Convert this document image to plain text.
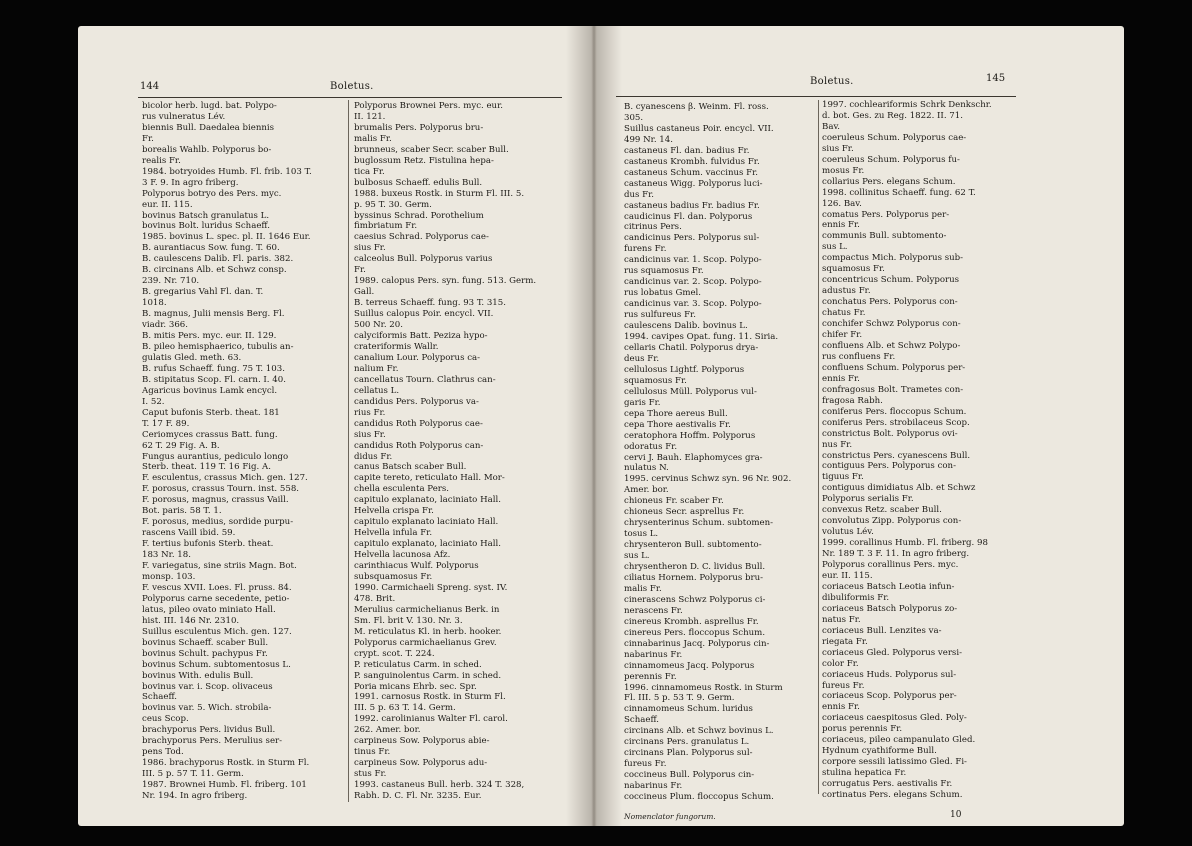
144	Boletus.
bicolor herb. lugd. bat. Polypo-
rus vulneratus Lév.
biennis Bull. Daedalea biennis
Fr.
borealis Wahlb. Polyporus bo-
realis Fr.
1984. botryoides Humb. Fl. frib. 103 T.
3 F. 9. In agro friberg.
Polyporus botryo des Pers. myc.
eur. II. 115.
bovinus Batsch granulatus L.
bovinus Bolt. luridus Schaeff.
1985. bovinus L. spec. pl. II. 1646 Eur.
B. aurantiacus Sow. fung. T. 60.
B. caulescens Dalib. Fl. paris. 382.
B. circinans Alb. et Schwz consp.
239. Nr. 710.
B. gregarius Vahl Fl. dan. T.
1018.
B. magnus, Julii mensis Berg. Fl.
viadr. 366.
B. mitis Pers. myc. eur. II. 129.
B. pileo hemisphaerico, tubulis an-
gulatis Gled. meth. 63.
B. rufus Schaeff. fung. 75 T. 103.
B. stipitatus Scop. Fl. carn. I. 40.
Agaricus bovinus Lamk encycl.
I. 52.
Caput bufonis Sterb. theat. 181
T. 17 F. 89.
Ceriomyces crassus Batt. fung.
62 T. 29 Fig. A. B.
Fungus aurantius, pediculo longo
Sterb. theat. 119 T. 16 Fig. A.
F. esculentus, crassus Mich. gen. 127.
F. porosus, crassus Tourn. inst. 558.
F. porosus, magnus, crassus Vaill.
Bot. paris. 58 T. 1.
F. porosus, medius, sordide purpu-
rascens Vaill ibid. 59.
F. tertius bufonis Sterb. theat.
183 Nr. 18.
F. variegatus, sine striis Magn. Bot.
monsp. 103.
F. vescus XVII. Loes. Fl. pruss. 84.
Polyporus carne secedente, petio-
latus, pileo ovato miniato Hall.
hist. III. 146 Nr. 2310.
Suillus esculentus Mich. gen. 127.
bovinus Schaeff. scaber Bull.
bovinus Schult. pachypus Fr.
bovinus Schum. subtomentosus L.
bovinus With. edulis Bull.
bovinus var. i. Scop. olivaceus
Schaeff.
bovinus var. 5. Wich. strobila-
ceus Scop.
brachyporus Pers. lividus Bull.
brachyporus Pers. Merulius ser-
pens Tod.
1986. brachyporus Rostk. in Sturm Fl.
III. 5 p. 57 T. 11. Germ.
1987. Brownei Humb. Fl. friberg. 101
Nr. 194. In agro friberg.
Polyporus Brownei Pers. myc. eur.
II. 121.
brumalis Pers. Polyporus bru-
malis Fr.
brunneus, scaber Secr. scaber Bull.
buglossum Retz. Fistulina hepa-
tica Fr.
bulbosus Schaeff. edulis Bull.
1988. buxeus Rostk. in Sturm Fl. III. 5.
p. 95 T. 30. Germ.
byssinus Schrad. Porothelium
fimbriatum Fr.
caesius Schrad. Polyporus cae-
sius Fr.
calceolus Bull. Polyporus varius
Fr.
1989. calopus Pers. syn. fung. 513. Germ.
Gall.
B. terreus Schaeff. fung. 93 T. 315.
Suillus calopus Poir. encycl. VII.
500 Nr. 20.
calyciformis Batt. Peziza hypo-
crateriformis Wallr.
canalium Lour. Polyporus ca-
nalium Fr.
cancellatus Tourn. Clathrus can-
cellatus L.
candidus Pers. Polyporus va-
rius Fr.
candidus Roth Polyporus cae-
sius Fr.
candidus Roth Polyporus can-
didus Fr.
canus Batsch scaber Bull.
capite tereto, reticulato Hall. Mor-
chella esculenta Pers.
capitulo explanato, laciniato Hall.
Helvella crispa Fr.
capitulo explanato laciniato Hall.
Helvella infula Fr.
capitulo explanato, laciniato Hall.
Helvella lacunosa Afz.
carinthiacus Wulf. Polyporus
subsquamosus Fr.
1990. Carmichaeli Spreng. syst. IV.
478. Brit.
Merulius carmichelianus Berk. in
Sm. Fl. brit V. 130. Nr. 3.
M. reticulatus Kl. in herb. hooker.
Polyporus carmichaelianus Grev.
crypt. scot. T. 224.
P. reticulatus Carm. in sched.
P. sanguinolentus Carm. in sched.
Poria micans Ehrb. sec. Spr.
1991. carnosus Rostk. in Sturm Fl.
III. 5 p. 63 T. 14. Germ.
1992. carolinianus Walter Fl. carol.
262. Amer. bor.
carpineus Sow. Polyporus abie-
tinus Fr.
carpineus Sow. Polyporus adu-
stus Fr.
1993. castaneus Bull. herb. 324 T. 328,
Rabh. D. C. Fl. Nr. 3235. Eur.
Boletus.	145
B. cyanescens β. Weinm. Fl. ross.
305.
Suillus castaneus Poir. encycl. VII.
499 Nr. 14.
castaneus Fl. dan. badius Fr.
castaneus Krombh. fulvidus Fr.
castaneus Schum. vaccinus Fr.
castaneus Wigg. Polyporus luci-
dus Fr.
castaneus badius Fr. badius Fr.
caudicinus Fl. dan. Polyporus
citrinus Pers.
candicinus Pers. Polyporus sul-
furens Fr.
candicinus var. 1. Scop. Polypo-
rus squamosus Fr.
candicinus var. 2. Scop. Polypo-
rus lobatus Gmel.
candicinus var. 3. Scop. Polypo-
rus sulfureus Fr.
caulescens Dalib. bovinus L.
1994. cavipes Opat. fung. 11. Siria.
cellaris Chatil. Polyporus drya-
deus Fr.
cellulosus Lightf. Polyporus
squamosus Fr.
cellulosus Müll. Polyporus vul-
garis Fr.
cepa Thore aereus Bull.
cepa Thore aestivalis Fr.
ceratophora Hoffm. Polyporus
odoratus Fr.
cervi J. Bauh. Elaphomyces gra-
nulatus N.
1995. cervinus Schwz syn. 96 Nr. 902.
Amer. bor.
chioneus Fr. scaber Fr.
chioneus Secr. asprellus Fr.
chrysenterinus Schum. subtomen-
tosus L.
chrysenteron Bull. subtomento-
sus L.
chrysentheron D. C. lividus Bull.
ciliatus Hornem. Polyporus bru-
malis Fr.
cinerascens Schwz Polyporus ci-
nerascens Fr.
cinereus Krombh. asprellus Fr.
cinereus Pers. floccopus Schum.
cinnabarinus Jacq. Polyporus cin-
nabarinus Fr.
cinnamomeus Jacq. Polyporus
perennis Fr.
1996. cinnamomeus Rostk. in Sturm
Fl. III. 5 p. 53 T. 9. Germ.
cinnamomeus Schum. luridus
Schaeff.
circinans Alb. et Schwz bovinus L.
circinans Pers. granulatus L.
circinans Plan. Polyporus sul-
fureus Fr.
coccineus Bull. Polyporus cin-
nabarinus Fr.
coccineus Plum. floccopus Schum.
1997. cochleariformis Schrk Denkschr.
d. bot. Ges. zu Reg. 1822. II. 71.
Bav.
coeruleus Schum. Polyporus cae-
sius Fr.
coeruleus Schum. Polyporus fu-
mosus Fr.
collarius Pers. elegans Schum.
1998. collinitus Schaeff. fung. 62 T.
126. Bav.
comatus Pers. Polyporus per-
ennis Fr.
communis Bull. subtomento-
sus L.
compactus Mich. Polyporus sub-
squamosus Fr.
concentricus Schum. Polyporus
adustus Fr.
conchatus Pers. Polyporus con-
chatus Fr.
conchifer Schwz Polyporus con-
chifer Fr.
confluens Alb. et Schwz Polypo-
rus confluens Fr.
confluens Schum. Polyporus per-
ennis Fr.
confragosus Bolt. Trametes con-
fragosa Rabh.
coniferus Pers. floccopus Schum.
coniferus Pers. strobilaceus Scop.
constrictus Bolt. Polyporus ovi-
nus Fr.
constrictus Pers. cyanescens Bull.
contiguus Pers. Polyporus con-
tiguus Fr.
contiguus dimidiatus Alb. et Schwz
Polyporus serialis Fr.
convexus Retz. scaber Bull.
convolutus Zipp. Polyporus con-
volutus Lév.
1999. corallinus Humb. Fl. friberg. 98
Nr. 189 T. 3 F. 11. In agro friberg.
Polyporus corallinus Pers. myc.
eur. II. 115.
coriaceus Batsch Leotia infun-
dibuliformis Fr.
coriaceus Batsch Polyporus zo-
natus Fr.
coriaceus Bull. Lenzites va-
riegata Fr.
coriaceus Gled. Polyporus versi-
color Fr.
coriaceus Huds. Polyporus sul-
fureus Fr.
coriaceus Scop. Polyporus per-
ennis Fr.
coriaceus caespitosus Gled. Poly-
porus perennis Fr.
coriaceus, pileo campanulato Gled.
Hydnum cyathiforme Bull.
corpore sessili latissimo Gled. Fi-
stulina hepatica Fr.
corrugatus Pers. aestivalis Fr.
cortinatus Pers. elegans Schum.
Nomenclator fungorum.	10
